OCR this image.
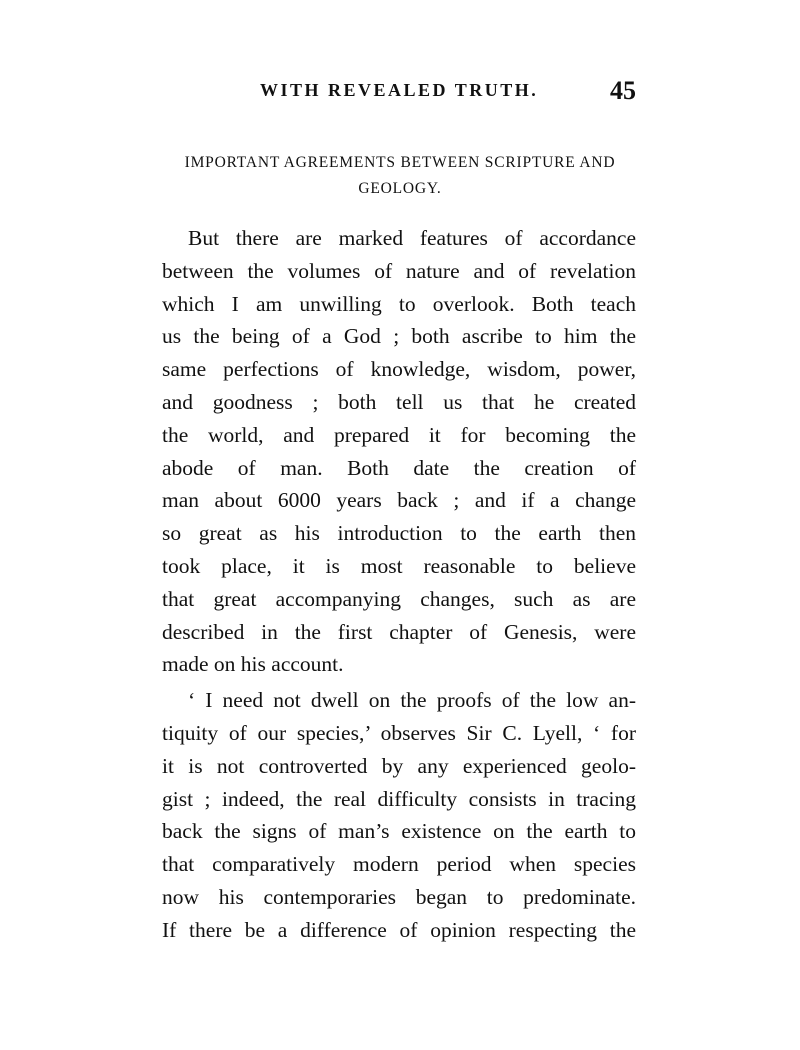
WITH REVEALED TRUTH.	45
IMPORTANT AGREEMENTS BETWEEN SCRIPTURE AND
GEOLOGY.
But there are marked features of accordance
between the volumes of nature and of revelation
which I am unwilling to overlook. Both teach
us the being of a God ; both ascribe to him the
same perfections of knowledge, wisdom, power,
and goodness ; both tell us that he created
the world, and prepared it for becoming the
abode of man. Both date the creation of
man about 6000 years back ; and if a change
so great as his introduction to the earth then
took place, it is most reasonable to believe
that great accompanying changes, such as are
described in the first chapter of Genesis, were
made on his account.
‘ I need not dwell on the proofs of the low an-
tiquity of our species,’ observes Sir C. Lyell, ‘ for
it is not controverted by any experienced geolo-
gist ; indeed, the real difficulty consists in tracing
back the signs of man’s existence on the earth to
that comparatively modern period when species
now his contemporaries began to predominate.
If there be a difference of opinion respecting the
